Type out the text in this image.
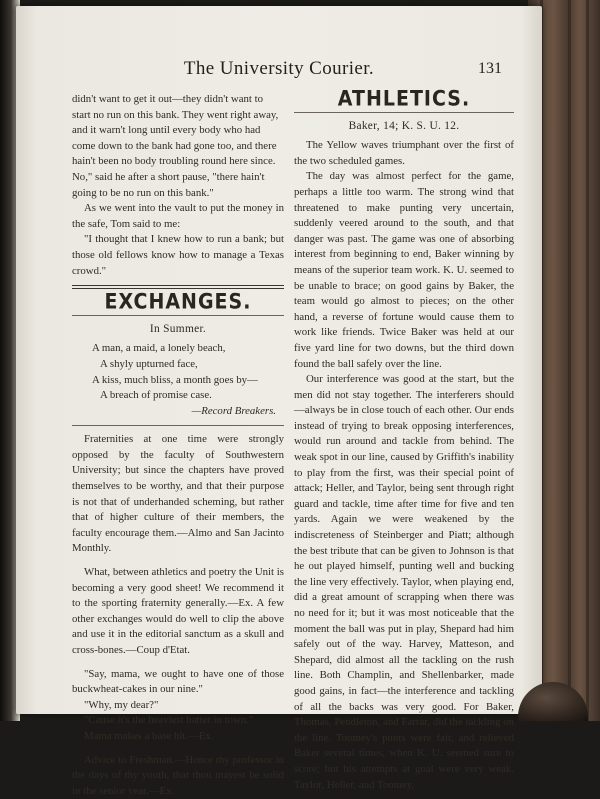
The University Courier.	131
didn't want to get it out—they didn't want to
start no run on this bank. They went right away,
and it warn't long until every body who had
come down to the bank had gone too, and there
hain't been no body troubling round here since.
No," said he after a short pause, "there hain't
going to be no run on this bank."

As we went into the vault to put the money in the safe, Tom said to me:

"I thought that I knew how to run a bank; but those old fellows know how to manage a Texas crowd."

EXCHANGES.
In Summer.
A man, a maid, a lonely beach,
A shyly upturned face,
A kiss, much bliss, a month goes by—
A breach of promise case.
—Record Breakers.

Fraternities at one time were strongly opposed by the faculty of Southwestern University; but since the chapters have proved themselves to be worthy, and that their purpose is not that of underhanded scheming, but rather that of higher culture of their members, the faculty encourage them.—Almo and San Jacinto Monthly.

What, between athletics and poetry the Unit is becoming a very good sheet! We recommend it to the sporting fraternity generally.—Ex. A few other exchanges would do well to clip the above and use it in the editorial sanctum as a skull and cross-bones.—Coup d'Etat.

"Say, mama, we ought to have one of those buckwheat-cakes in our nine."

"Why, my dear?"

"Cause it's the heaviest batter in town."

Mama makes a base hit.—Ex.

Advice to Freshman.—Honor thy professor in the days of thy youth, that thou mayest be solid in the senior year.—Ex.

ATHLETICS.
Baker, 14; K. S. U. 12.

The Yellow waves triumphant over the first of the two scheduled games.

The day was almost perfect for the game, perhaps a little too warm. The strong wind that threatened to make punting very uncertain, suddenly veered around to the south, and that danger was past. The game was one of absorbing interest from beginning to end, Baker winning by means of the superior team work. K. U. seemed to be unable to brace; on good gains by Baker, the team would go almost to pieces; on the other hand, a reverse of fortune would cause them to work like friends. Twice Baker was held at our five yard line for two downs, but the third down found the ball safely over the line.

Our interference was good at the start, but the men did not stay together. The interferers should—always be in close touch of each other. Our ends instead of trying to break opposing interferences, would run around and tackle from behind. The weak spot in our line, caused by Griffith's inability to play from the first, was their special point of attack; Heller, and Taylor, being sent through right guard and tackle, time after time for five and ten yards. Again we were weakened by the indiscreteness of Steinberger and Piatt; although the best tribute that can be given to Johnson is that he out played himself, punting well and bucking the line very effectively. Taylor, when playing end, did a great amount of scrapping when there was no need for it; but it was most noticeable that the moment the ball was put in play, Shepard had him safely out of the way. Harvey, Matteson, and Shepard, did almost all the tackling on the rush line. Both Champlin, and Shellenbarker, made good gains, in fact—the interference and tackling of all the backs was very good. For Baker, Thomas, Pendleton, and Farrar, did the tackling on the line. Toomey's punts were fair, and relieved Baker several times, when K. U. seemed sure to score; but his attempts at goal were very weak. Taylor, Heller, and Toomey,
